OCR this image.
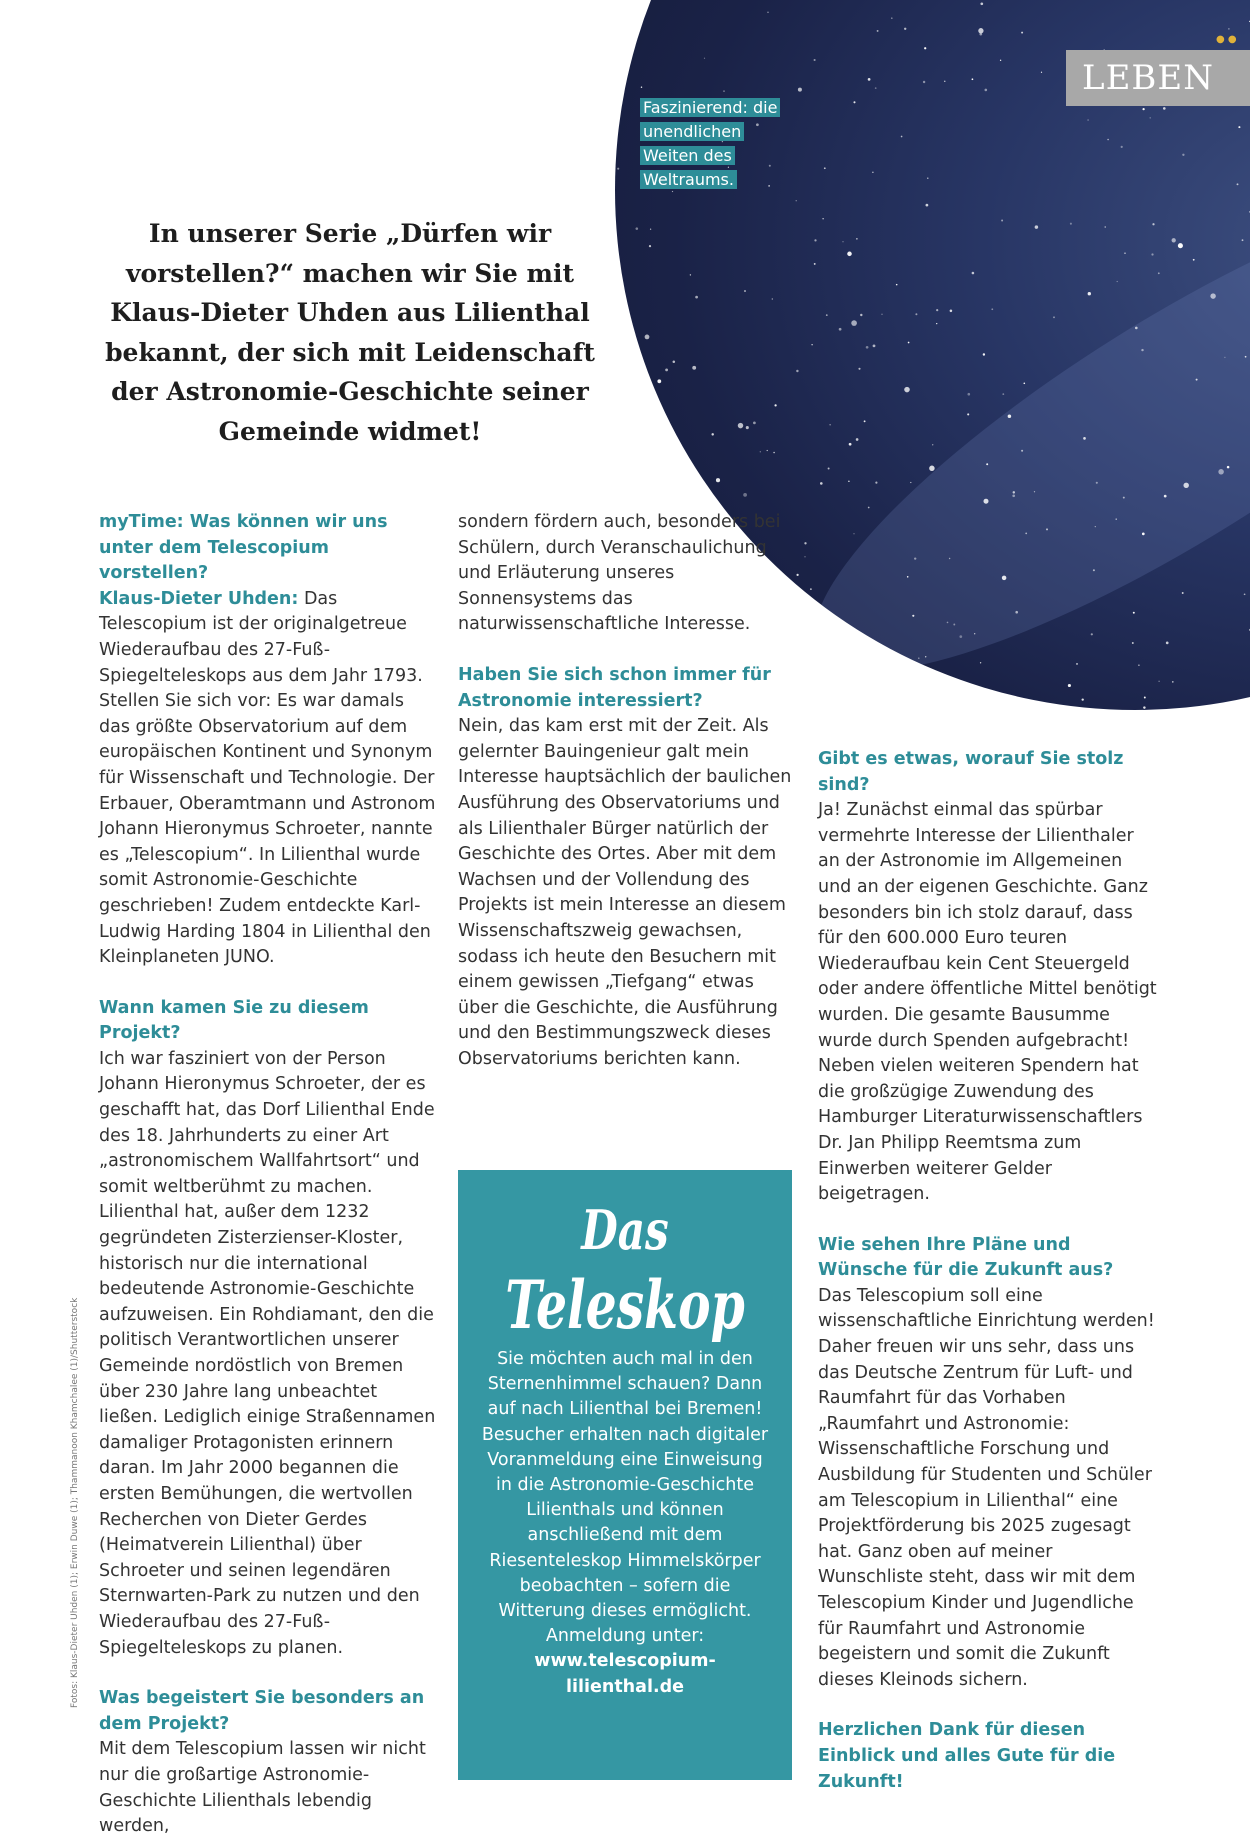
● ●
LEBEN
Faszinierend: die unendlichen Weiten des Weltraums.
In unserer Serie „Dürfen wir vorstellen?“ machen wir Sie mit Klaus-Dieter Uhden aus Lilienthal bekannt, der sich mit Leidenschaft der Astronomie-Geschichte seiner Gemeinde widmet!
Fotos: Klaus-Dieter Uhden (1); Erwin Duwe (1); Thammanoon Khamchalee (1)/Shutterstock

myTime: Was können wir uns unter dem Telescopium vorstellen?

Klaus-Dieter Uhden: Das Telescopium ist der originalgetreue Wiederaufbau des 27-Fuß-Spiegelteleskops aus dem Jahr 1793. Stellen Sie sich vor: Es war damals das größte Observatorium auf dem europäischen Kontinent und Synonym für Wissenschaft und Technologie. Der Erbauer, Oberamtmann und Astronom Johann Hieronymus Schroeter, nannte es „Telescopium“. In Lilienthal wurde somit Astronomie-Geschichte geschrieben! Zudem entdeckte Karl-Ludwig Harding 1804 in Lilienthal den Kleinplaneten JUNO.

Wann kamen Sie zu diesem Projekt?

Ich war fasziniert von der Person Johann Hieronymus Schroeter, der es geschafft hat, das Dorf Lilienthal Ende des 18. Jahrhunderts zu einer Art „astronomischem Wallfahrtsort“ und somit weltberühmt zu machen. Lilienthal hat, außer dem 1232 gegründeten Zisterzienser-Kloster, historisch nur die international bedeutende Astronomie-Geschichte aufzuweisen. Ein Rohdiamant, den die politisch Verantwortlichen unserer Gemeinde nordöstlich von Bremen über 230 Jahre lang unbeachtet ließen. Lediglich einige Straßennamen damaliger Protagonisten erinnern daran. Im Jahr 2000 begannen die ersten Bemühungen, die wertvollen Recherchen von Dieter Gerdes (Heimatverein Lilienthal) über Schroeter und seinen legendären Sternwarten-Park zu nutzen und den Wiederaufbau des 27-Fuß-Spiegelteleskops zu planen.

Was begeistert Sie besonders an dem Projekt?

Mit dem Telescopium lassen wir nicht nur die großartige Astronomie-Geschichte Lilienthals lebendig werden,

sondern fördern auch, besonders bei Schülern, durch Veranschaulichung und Erläuterung unseres Sonnensystems das naturwissenschaftliche Interesse.

Haben Sie sich schon immer für Astronomie interessiert?

Nein, das kam erst mit der Zeit. Als gelernter Bauingenieur galt mein Interesse hauptsächlich der baulichen Ausführung des Observatoriums und als Lilienthaler Bürger natürlich der Geschichte des Ortes. Aber mit dem Wachsen und der Vollendung des Projekts ist mein Interesse an diesem Wissenschaftszweig gewachsen, sodass ich heute den Besuchern mit einem gewissen „Tiefgang“ etwas über die Geschichte, die Ausführung und den Bestimmungszweck dieses Observatoriums berichten kann.

Das
Teleskop
Sie möchten auch mal in den Sternenhimmel schauen? Dann auf nach Lilienthal bei Bremen! Besucher erhalten nach digitaler Voranmeldung eine Einweisung in die Astronomie-Geschichte Lilienthals und können anschließend mit dem Riesenteleskop Himmelskörper beobachten – sofern die Witterung dieses ermöglicht. Anmeldung unter:
www.telescopium-lilienthal.de

Gibt es etwas, worauf Sie stolz sind?

Ja! Zunächst einmal das spürbar vermehrte Interesse der Lilienthaler an der Astronomie im Allgemeinen und an der eigenen Geschichte. Ganz besonders bin ich stolz darauf, dass für den 600.000 Euro teuren Wiederaufbau kein Cent Steuergeld oder andere öffentliche Mittel benötigt wurden. Die gesamte Bausumme wurde durch Spenden aufgebracht! Neben vielen weiteren Spendern hat die großzügige Zuwendung des Hamburger Literaturwissenschaftlers Dr. Jan Philipp Reemtsma zum Einwerben weiterer Gelder beigetragen.

Wie sehen Ihre Pläne und Wünsche für die Zukunft aus?

Das Telescopium soll eine wissenschaftliche Einrichtung werden! Daher freuen wir uns sehr, dass uns das Deutsche Zentrum für Luft- und Raumfahrt für das Vorhaben „Raumfahrt und Astronomie: Wissenschaftliche Forschung und Ausbildung für Studenten und Schüler am Telescopium in Lilienthal“ eine Projektförderung bis 2025 zugesagt hat. Ganz oben auf meiner Wunschliste steht, dass wir mit dem Telescopium Kinder und Jugendliche für Raumfahrt und Astronomie begeistern und somit die Zukunft dieses Kleinods sichern.

Herzlichen Dank für diesen Einblick und alles Gute für die Zukunft!
